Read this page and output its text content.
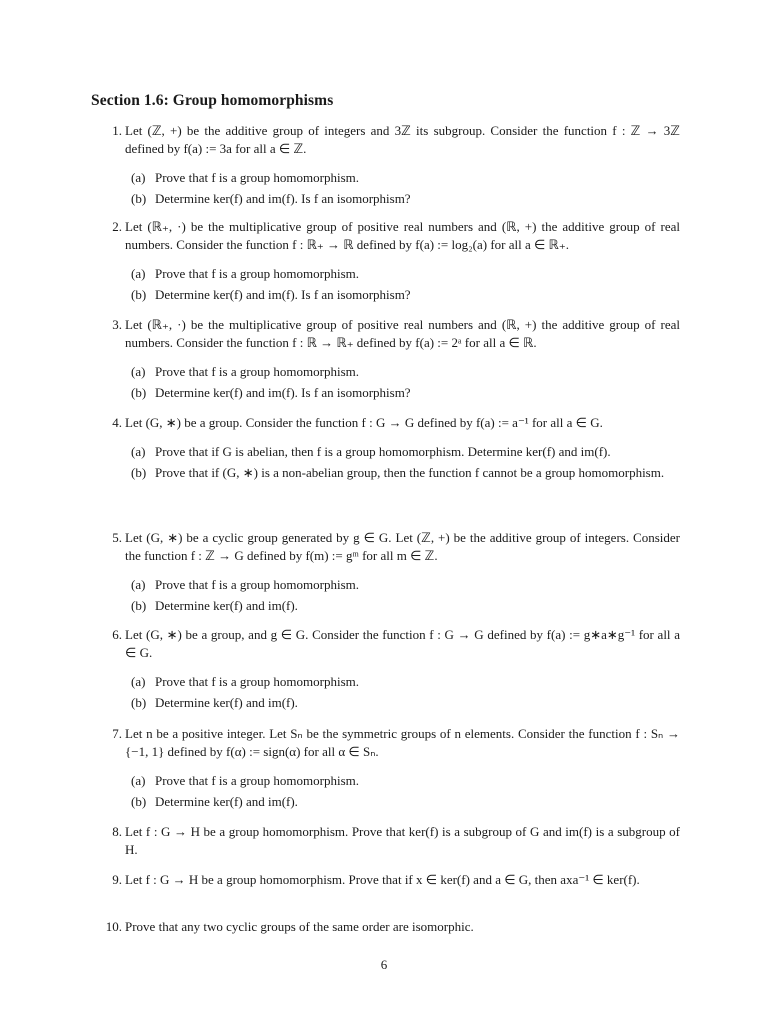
Section 1.6: Group homomorphisms
1. Let (ℤ, +) be the additive group of integers and 3ℤ its subgroup. Consider the function f : ℤ → 3ℤ defined by f(a) := 3a for all a ∈ ℤ.
(a) Prove that f is a group homomorphism.
(b) Determine ker(f) and im(f). Is f an isomorphism?
2. Let (ℝ₊, ·) be the multiplicative group of positive real numbers and (ℝ, +) the additive group of real numbers. Consider the function f : ℝ₊ → ℝ defined by f(a) := log₂(a) for all a ∈ ℝ₊.
(a) Prove that f is a group homomorphism.
(b) Determine ker(f) and im(f). Is f an isomorphism?
3. Let (ℝ₊, ·) be the multiplicative group of positive real numbers and (ℝ, +) the additive group of real numbers. Consider the function f : ℝ → ℝ₊ defined by f(a) := 2ᵃ for all a ∈ ℝ.
(a) Prove that f is a group homomorphism.
(b) Determine ker(f) and im(f). Is f an isomorphism?
4. Let (G, ∗) be a group. Consider the function f : G → G defined by f(a) := a⁻¹ for all a ∈ G.
(a) Prove that if G is abelian, then f is a group homomorphism. Determine ker(f) and im(f).
(b) Prove that if (G, ∗) is a non-abelian group, then the function f cannot be a group homomorphism.
5. Let (G, ∗) be a cyclic group generated by g ∈ G. Let (ℤ, +) be the additive group of integers. Consider the function f : ℤ → G defined by f(m) := gᵐ for all m ∈ ℤ.
(a) Prove that f is a group homomorphism.
(b) Determine ker(f) and im(f).
6. Let (G, ∗) be a group, and g ∈ G. Consider the function f : G → G defined by f(a) := g∗a∗g⁻¹ for all a ∈ G.
(a) Prove that f is a group homomorphism.
(b) Determine ker(f) and im(f).
7. Let n be a positive integer. Let Sₙ be the symmetric groups of n elements. Consider the function f : Sₙ → {−1, 1} defined by f(α) := sign(α) for all α ∈ Sₙ.
(a) Prove that f is a group homomorphism.
(b) Determine ker(f) and im(f).
8. Let f : G → H be a group homomorphism. Prove that ker(f) is a subgroup of G and im(f) is a subgroup of H.
9. Let f : G → H be a group homomorphism. Prove that if x ∈ ker(f) and a ∈ G, then axa⁻¹ ∈ ker(f).
10. Prove that any two cyclic groups of the same order are isomorphic.
6
